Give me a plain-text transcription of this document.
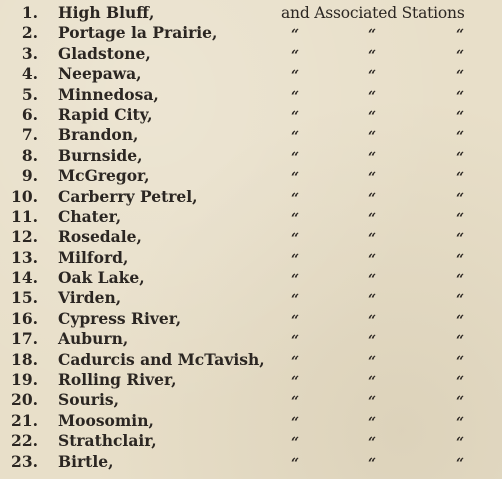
1. High Bluff,	and Associated Stations
2. Portage la Prairie,	“	“	“
3. Gladstone,	“	“	“
4. Neepawa,	“	“	“
5. Minnedosa,	“	“	“
6. Rapid City,	“	“	“
7. Brandon,	“	“	“
8. Burnside,	“	“	“
9. McGregor,	“	“	“
10. Carberry Petrel,	“	“	“
11. Chater,	“	“	“
12. Rosedale,	“	“	“
13. Milford,	“	“	“
14. Oak Lake,	“	“	“
15. Virden,	“	“	“
16. Cypress River,	“	“	“
17. Auburn,	“	“	“
18. Cadurcis and McTavish, “	“	“
19. Rolling River,	“	“	“
20. Souris,	“	“	“
21. Moosomin,	“	“	“
22. Strathclair,	“	“	“
23. Birtle,	“	“	“
